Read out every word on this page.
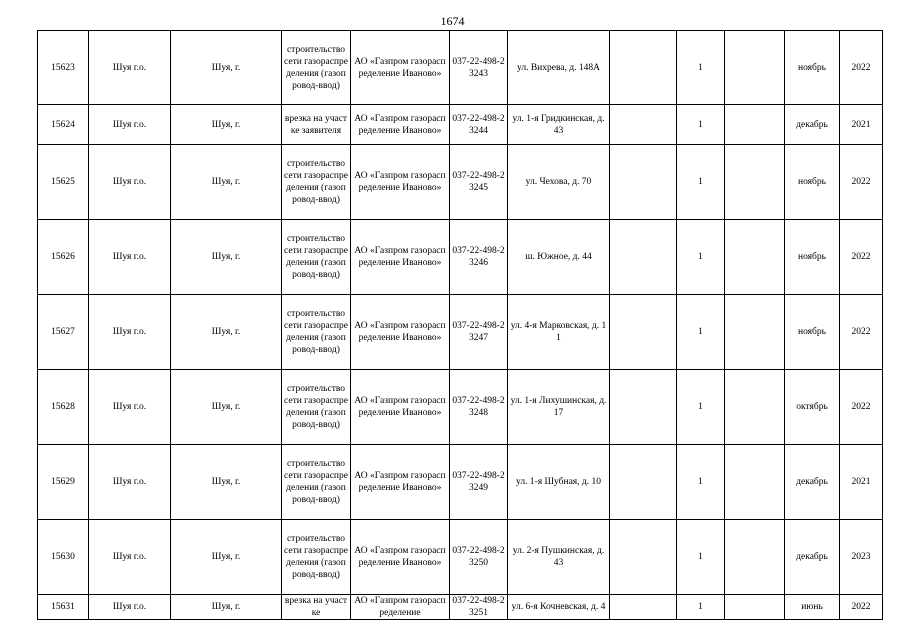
1674
15623	Шуя г.о.	Шуя, г.	строительство сети газораспределения (газопровод-ввод)	АО «Газпром газораспределение Иваново»	037-22-498-23243	ул. Вихрева, д. 148А		1		ноябрь	2022
15624	Шуя г.о.	Шуя, г.	врезка на участке заявителя	АО «Газпром газораспределение Иваново»	037-22-498-23244	ул. 1-я Гридкинская, д. 43		1		декабрь	2021
15625	Шуя г.о.	Шуя, г.	строительство сети газораспределения (газопровод-ввод)	АО «Газпром газораспределение Иваново»	037-22-498-23245	ул. Чехова, д. 70		1		ноябрь	2022
15626	Шуя г.о.	Шуя, г.	строительство сети газораспределения (газопровод-ввод)	АО «Газпром газораспределение Иваново»	037-22-498-23246	ш. Южное, д. 44		1		ноябрь	2022
15627	Шуя г.о.	Шуя, г.	строительство сети газораспределения (газопровод-ввод)	АО «Газпром газораспределение Иваново»	037-22-498-23247	ул. 4-я Марковская, д. 11		1		ноябрь	2022
15628	Шуя г.о.	Шуя, г.	строительство сети газораспределения (газопровод-ввод)	АО «Газпром газораспределение Иваново»	037-22-498-23248	ул. 1-я Лихушинская, д. 17		1		октябрь	2022
15629	Шуя г.о.	Шуя, г.	строительство сети газораспределения (газопровод-ввод)	АО «Газпром газораспределение Иваново»	037-22-498-23249	ул. 1-я Шубная, д. 10		1		декабрь	2021
15630	Шуя г.о.	Шуя, г.	строительство сети газораспределения (газопровод-ввод)	АО «Газпром газораспределение Иваново»	037-22-498-23250	ул. 2-я Пушкинская, д. 43		1		декабрь	2023
15631	Шуя г.о.	Шуя, г.	врезка на участке	АО «Газпром газораспределение	037-22-498-23251	ул. 6-я Кочневская, д. 4		1		июнь	2022
